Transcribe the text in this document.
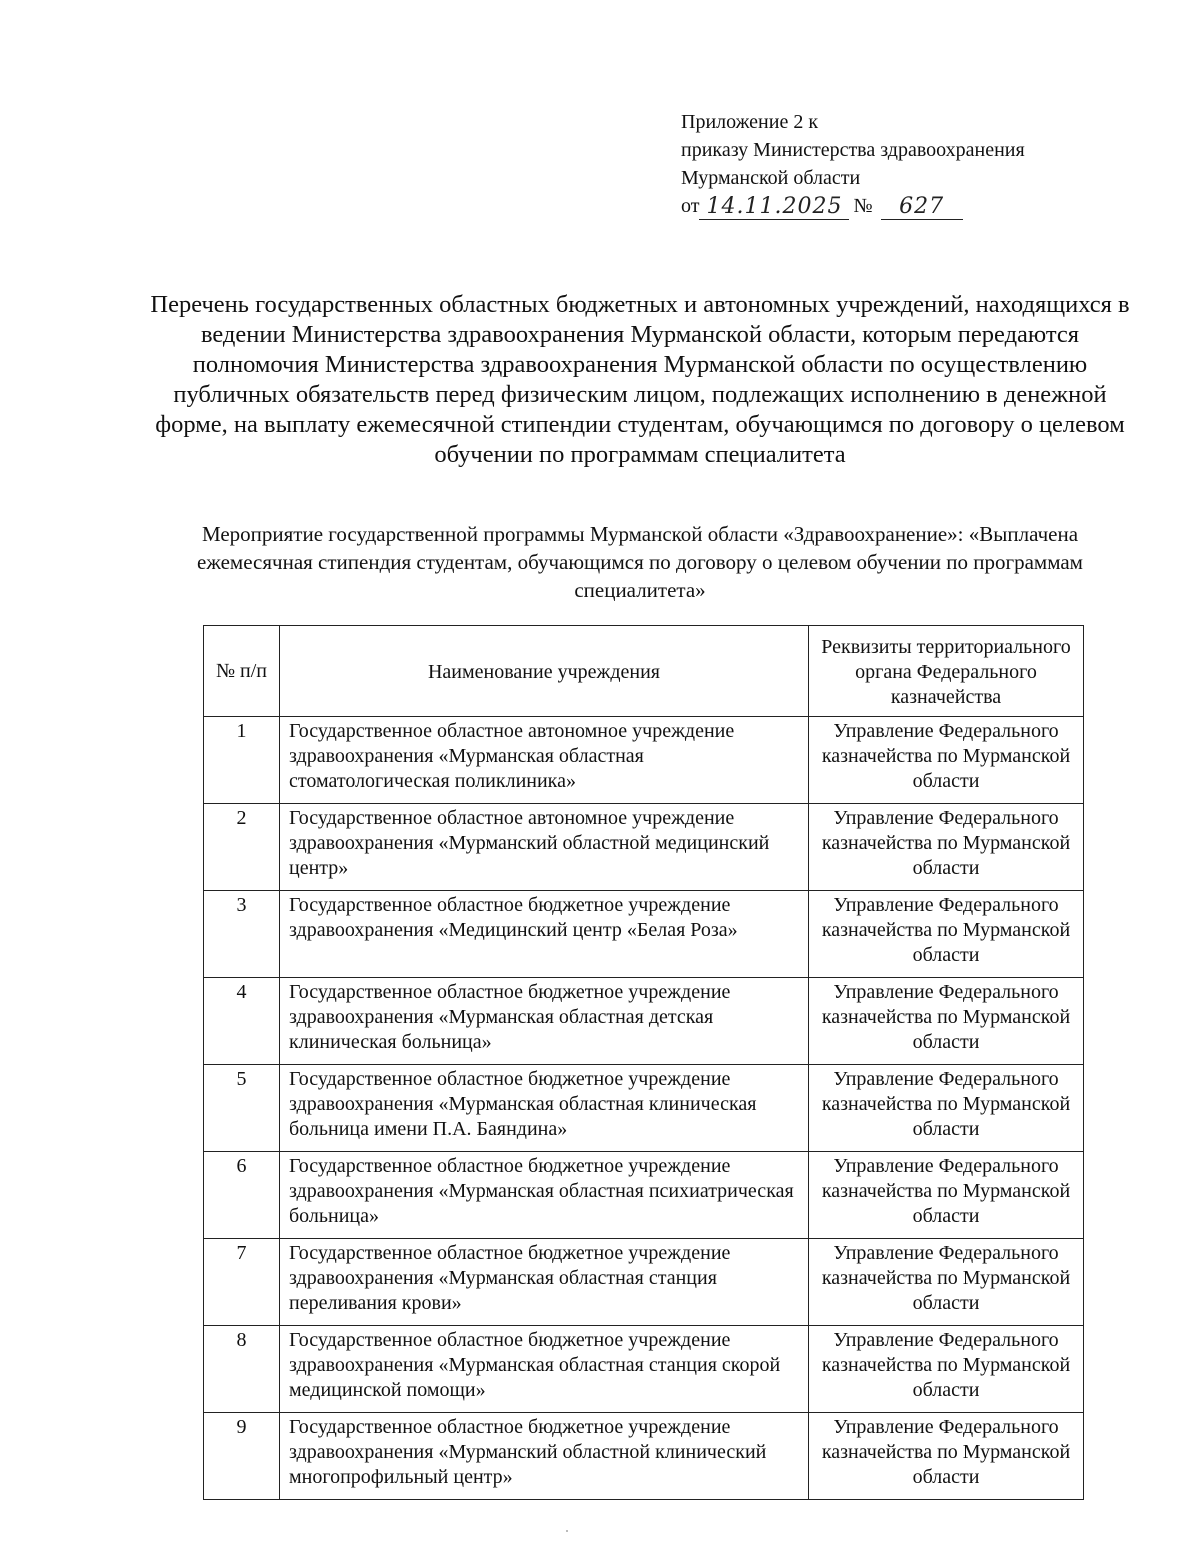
Приложение 2 к
приказу Министерства здравоохранения
Мурманской области
от 14.11.2025 №	627
Перечень государственных областных бюджетных и автономных учреждений, находящихся в ведении Министерства здравоохранения Мурманской области, которым передаются полномочия Министерства здравоохранения Мурманской области по осуществлению публичных обязательств перед физическим лицом, подлежащих исполнению в денежной форме, на выплату ежемесячной стипендии студентам, обучающимся по договору о целевом обучении по программам специалитета
Мероприятие государственной программы Мурманской области «Здравоохранение»: «Выплачена ежемесячная стипендия студентам, обучающимся по договору о целевом обучении по программам специалитета»
№ п/п	Наименование учреждения	Реквизиты территориального органа Федерального казначейства
1	Государственное областное автономное учреждение здравоохранения «Мурманская областная стоматологическая поликлиника»	Управление Федерального казначейства по Мурманской области
2	Государственное областное автономное учреждение здравоохранения «Мурманский областной медицинский центр»	Управление Федерального казначейства по Мурманской области
3	Государственное областное бюджетное учреждение здравоохранения «Медицинский центр «Белая Роза»	Управление Федерального казначейства по Мурманской области
4	Государственное областное бюджетное учреждение здравоохранения «Мурманская областная детская клиническая больница»	Управление Федерального казначейства по Мурманской области
5	Государственное областное бюджетное учреждение здравоохранения «Мурманская областная клиническая больница имени П.А. Баяндина»	Управление Федерального казначейства по Мурманской области
6	Государственное областное бюджетное учреждение здравоохранения «Мурманская областная психиатрическая больница»	Управление Федерального казначейства по Мурманской области
7	Государственное областное бюджетное учреждение здравоохранения «Мурманская областная станция переливания крови»	Управление Федерального казначейства по Мурманской области
8	Государственное областное бюджетное учреждение здравоохранения «Мурманская областная станция скорой медицинской помощи»	Управление Федерального казначейства по Мурманской области
9	Государственное областное бюджетное учреждение здравоохранения «Мурманский областной клинический многопрофильный центр»	Управление Федерального казначейства по Мурманской области
